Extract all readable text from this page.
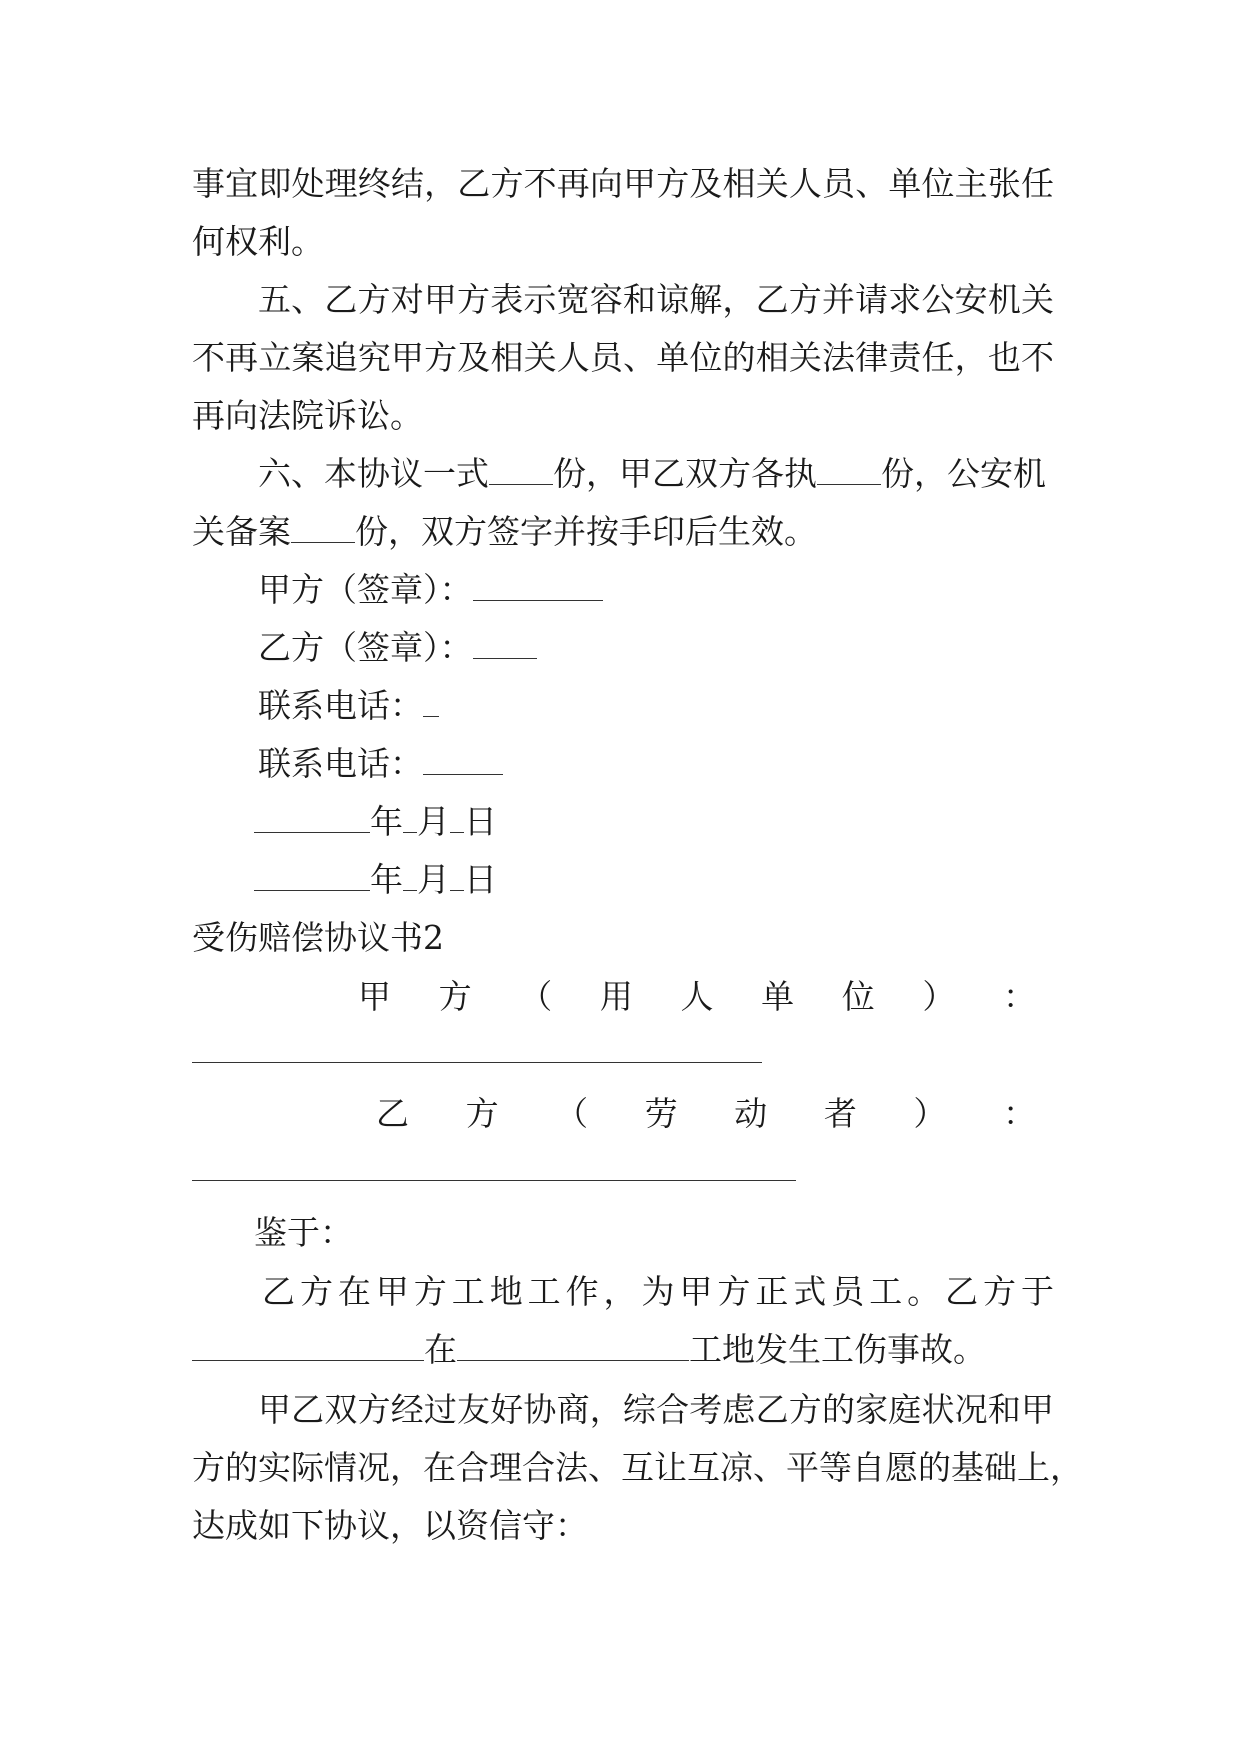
事宜即处理终结，乙方不再向甲方及相关人员、单位主张任
何权利。
五、乙方对甲方表示宽容和谅解，乙方并请求公安机关
不再立案追究甲方及相关人员、单位的相关法律责任，也不
再向法院诉讼。
六、本协议一式 份，甲乙双方各执 份，公安机
关备案 份，双方签字并按手印后生效。
甲方（签章）：
乙方（签章）：
联系电话：
联系电话：
年 月 日
年 月 日
受伤赔偿协议书2
甲 方 （ 用 人 单 位 ） ：
乙 方 （ 劳 动 者 ） ：
鉴于：
乙方在甲方工地工作，为甲方正式员工。乙方于
在	工地发生工伤事故。
甲乙双方经过友好协商，综合考虑乙方的家庭状况和甲
方的实际情况，在合理合法、互让互凉、平等自愿的基础上，
达成如下协议，以资信守：
